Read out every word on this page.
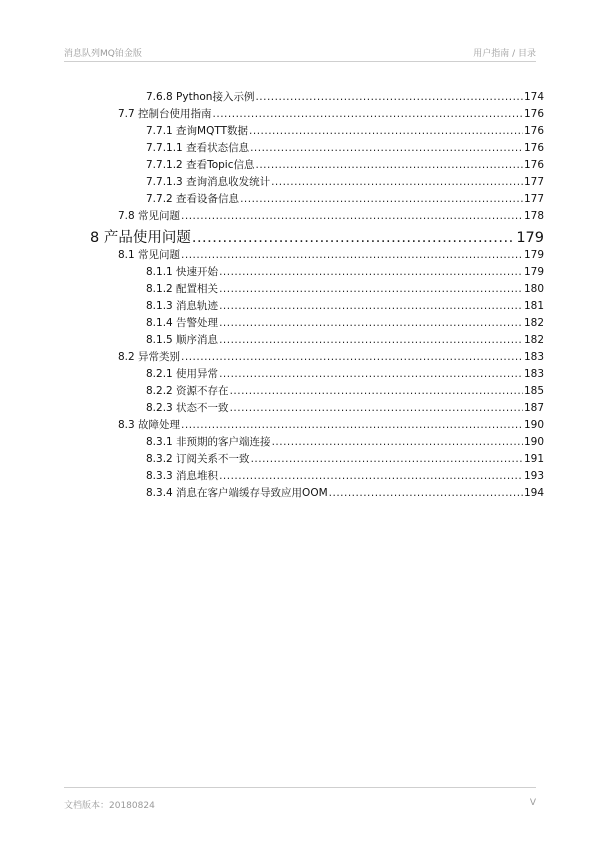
消息队列MQ铂金版	用户指南 / 目录
7.6.8 Python接入示例 .....	174
7.7 控制台使用指南 .....	176
7.7.1 查询MQTT数据 .....	176
7.7.1.1 查看状态信息 .....	176
7.7.1.2 查看Topic信息 .....	176
7.7.1.3 查询消息收发统计 .....	177
7.7.2 查看设备信息 .....	177
7.8 常见问题 .....	178
8 产品使用问题 .....	179
8.1 常见问题 .....	179
8.1.1 快速开始 .....	179
8.1.2 配置相关 .....	180
8.1.3 消息轨迹 .....	181
8.1.4 告警处理 .....	182
8.1.5 顺序消息 .....	182
8.2 异常类别 .....	183
8.2.1 使用异常 .....	183
8.2.2 资源不存在 .....	185
8.2.3 状态不一致 .....	187
8.3 故障处理 .....	190
8.3.1 非预期的客户端连接 .....	190
8.3.2 订阅关系不一致 .....	191
8.3.3 消息堆积 .....	193
8.3.4 消息在客户端缓存导致应用OOM .....	194
文档版本：20180824	V
